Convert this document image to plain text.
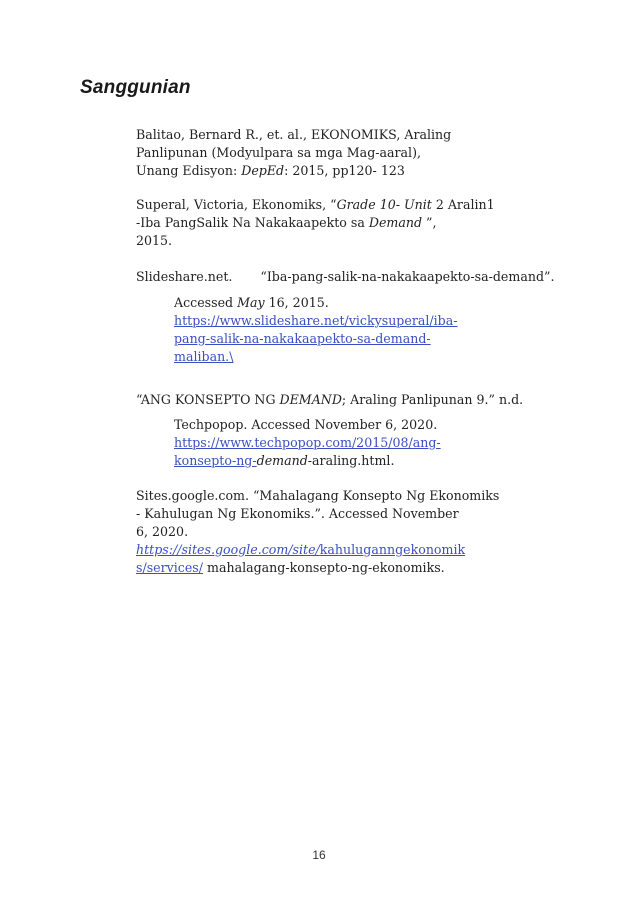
Sanggunian
Balitao, Bernard R., et. al., EKONOMIKS, Araling
Panlipunan (Modyulpara sa mga Mag-aaral),
Unang Edisyon: DepEd: 2015, pp120- 123
Superal, Victoria, Ekonomiks, “Grade 10- Unit 2 Aralin1
-Iba PangSalik Na Nakakaapekto sa Demand ”,
2015.

Slideshare.net. “Iba-pang-salik-na-nakakaapekto-sa-demand”.

Accessed May 16, 2015.
https://www.slideshare.net/vickysuperal/iba-
pang-salik-na-nakakaapekto-sa-demand-
maliban.\
“ANG KONSEPTO NG DEMAND; Araling Panlipunan 9.” n.d.
Techpopop. Accessed November 6, 2020.
https://www.techpopop.com/2015/08/ang-
konsepto-ng-demand-araling.html.
Sites.google.com. “Mahalagang Konsepto Ng Ekonomiks
- Kahulugan Ng Ekonomiks.”. Accessed November
6, 2020.
https://sites.google.com/site/kahuluganngekonomik
s/services/ mahalagang-konsepto-ng-ekonomiks.
16
